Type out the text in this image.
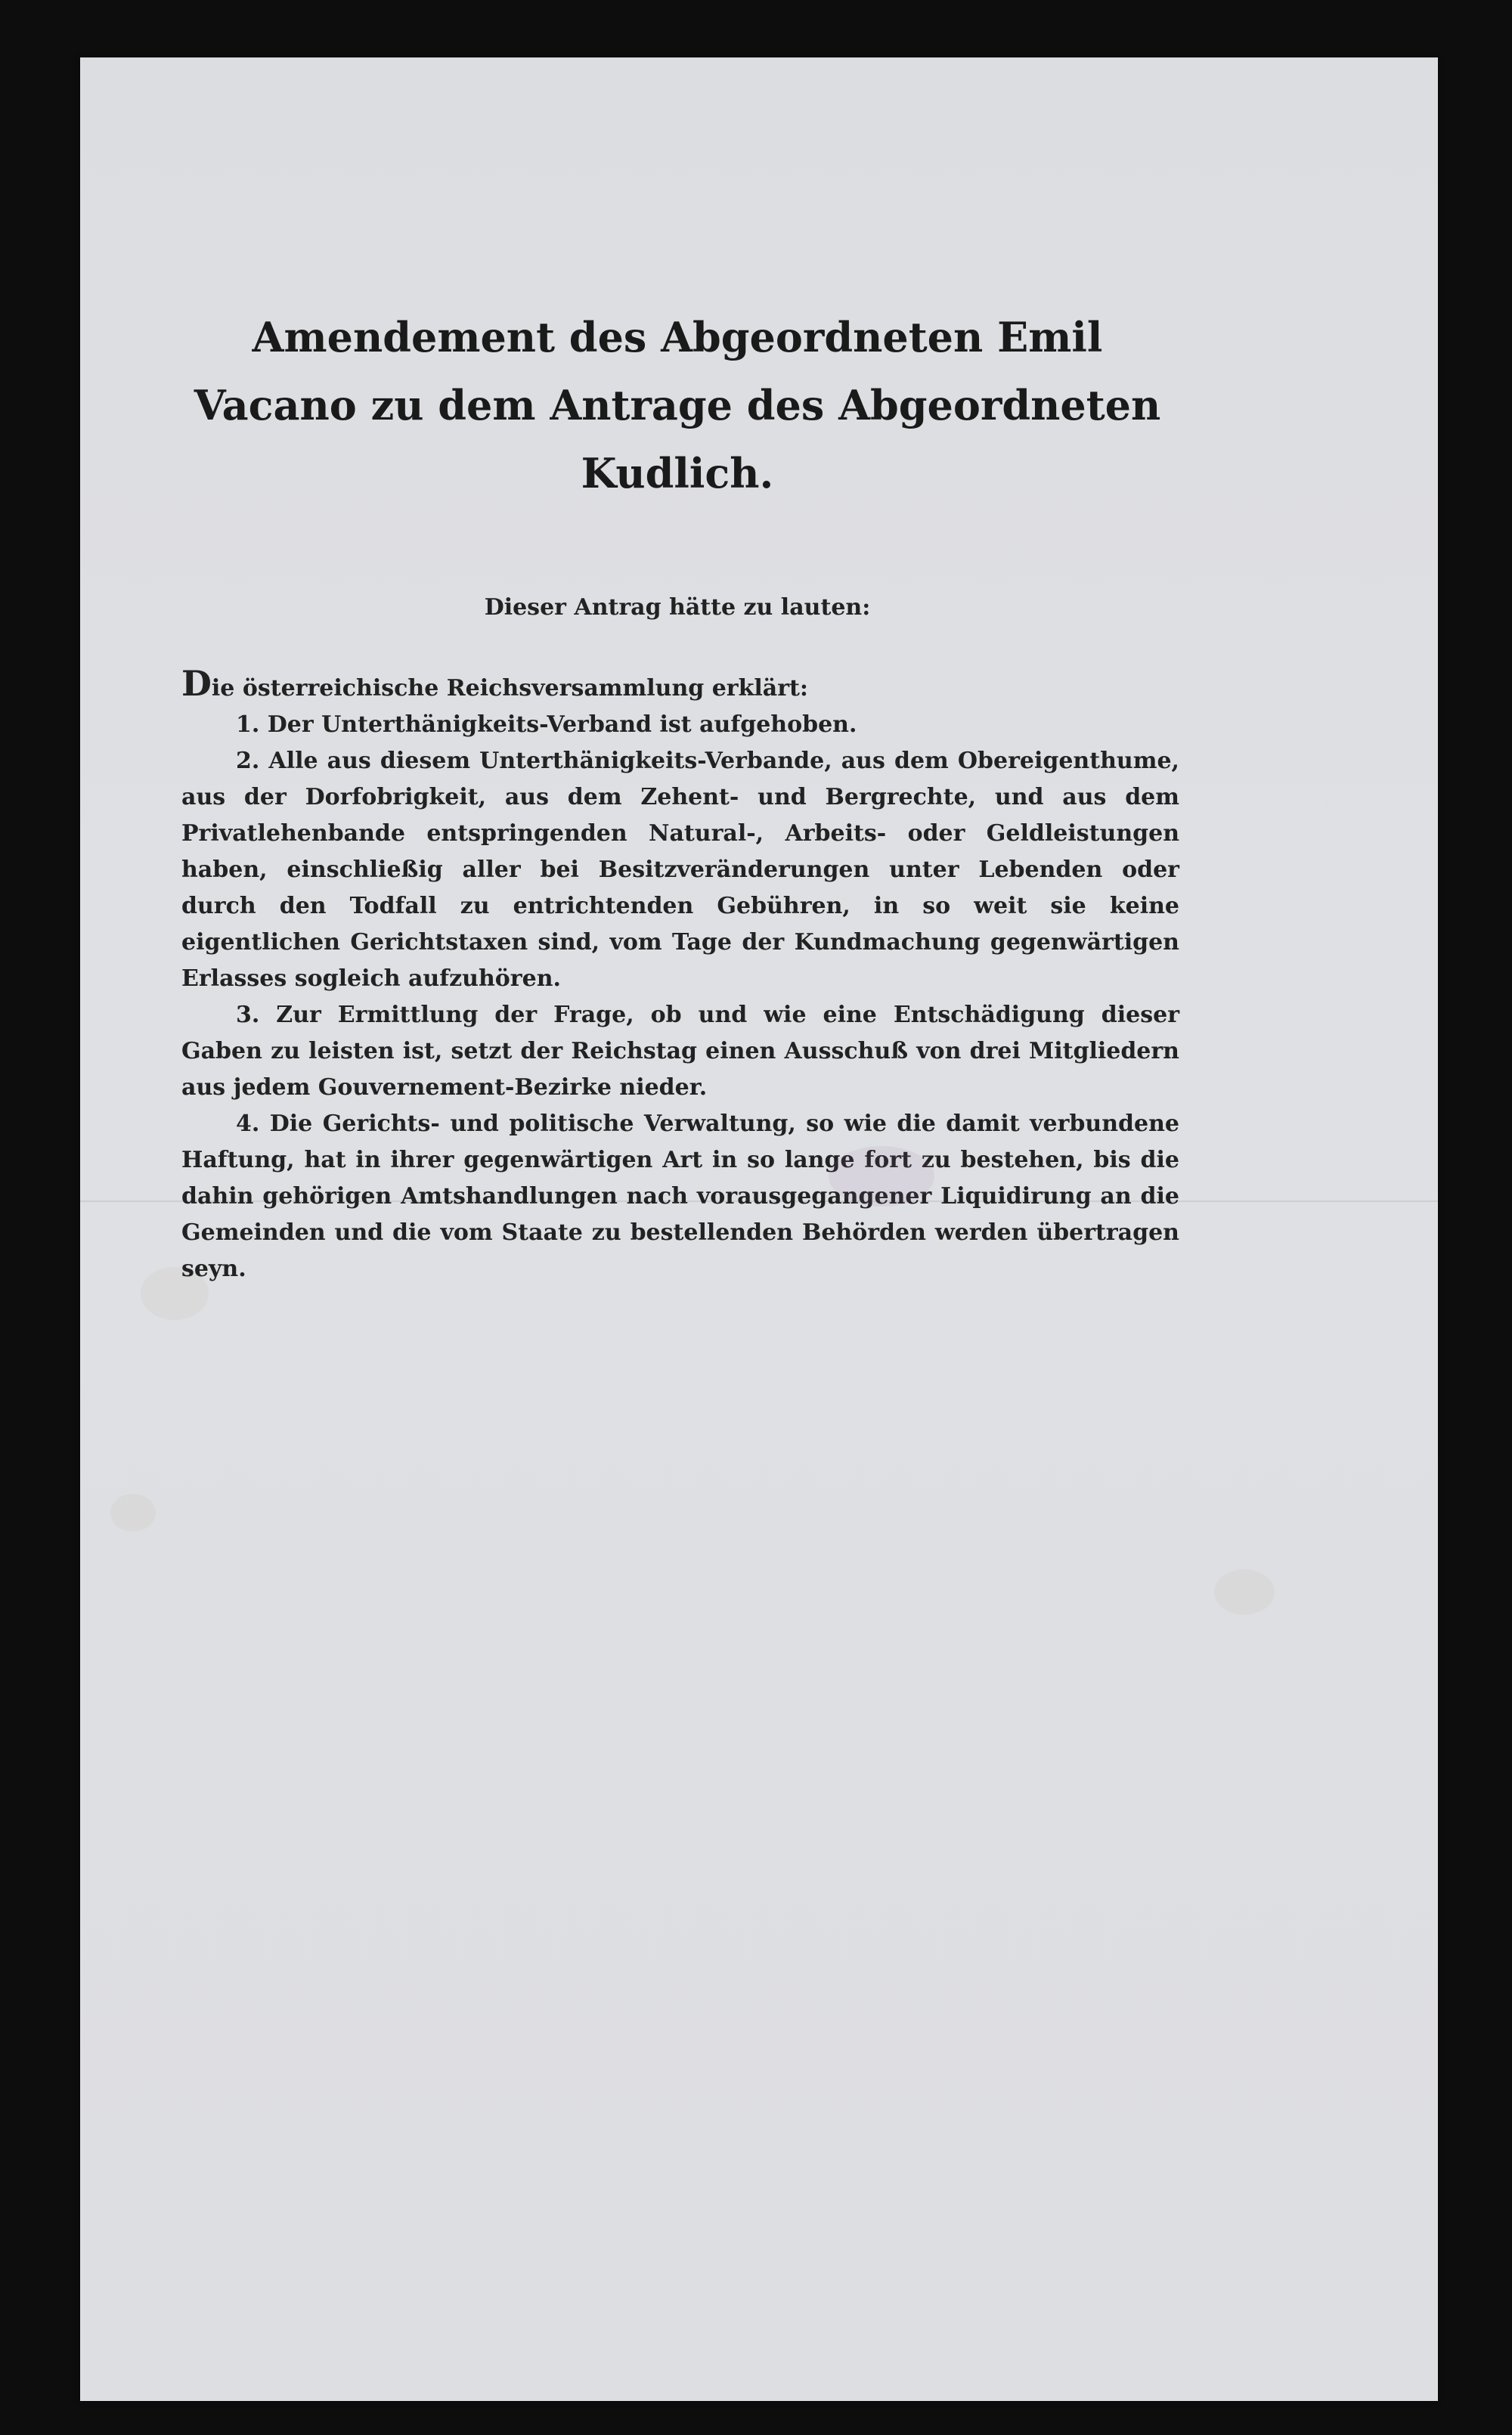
Amendement des Abgeordneten Emil Vacano zu dem Antrage des Abgeordneten Kudlich.
Dieser Antrag hätte zu lauten:

Die österreichische Reichsversammlung erklärt:

1. Der Unterthänigkeits-Verband ist aufgehoben.

2. Alle aus diesem Unterthänigkeits-Verbande, aus dem Obereigenthume, aus der Dorfobrigkeit, aus dem Zehent- und Bergrechte, und aus dem Privatlehenbande entspringenden Natural-, Arbeits- oder Geldleistungen haben, einschließig aller bei Besitzveränderungen unter Lebenden oder durch den Todfall zu entrichtenden Gebühren, in so weit sie keine eigentlichen Gerichtstaxen sind, vom Tage der Kundmachung gegenwärtigen Erlasses sogleich aufzuhören.

3. Zur Ermittlung der Frage, ob und wie eine Entschädigung dieser Gaben zu leisten ist, setzt der Reichstag einen Ausschuß von drei Mitgliedern aus jedem Gouvernement-Bezirke nieder.

4. Die Gerichts- und politische Verwaltung, so wie die damit verbundene Haftung, hat in ihrer gegenwärtigen Art in so lange fort zu bestehen, bis die dahin gehörigen Amtshandlungen nach vorausgegangener Liquidirung an die Gemeinden und die vom Staate zu bestellenden Behörden werden übertragen seyn.
